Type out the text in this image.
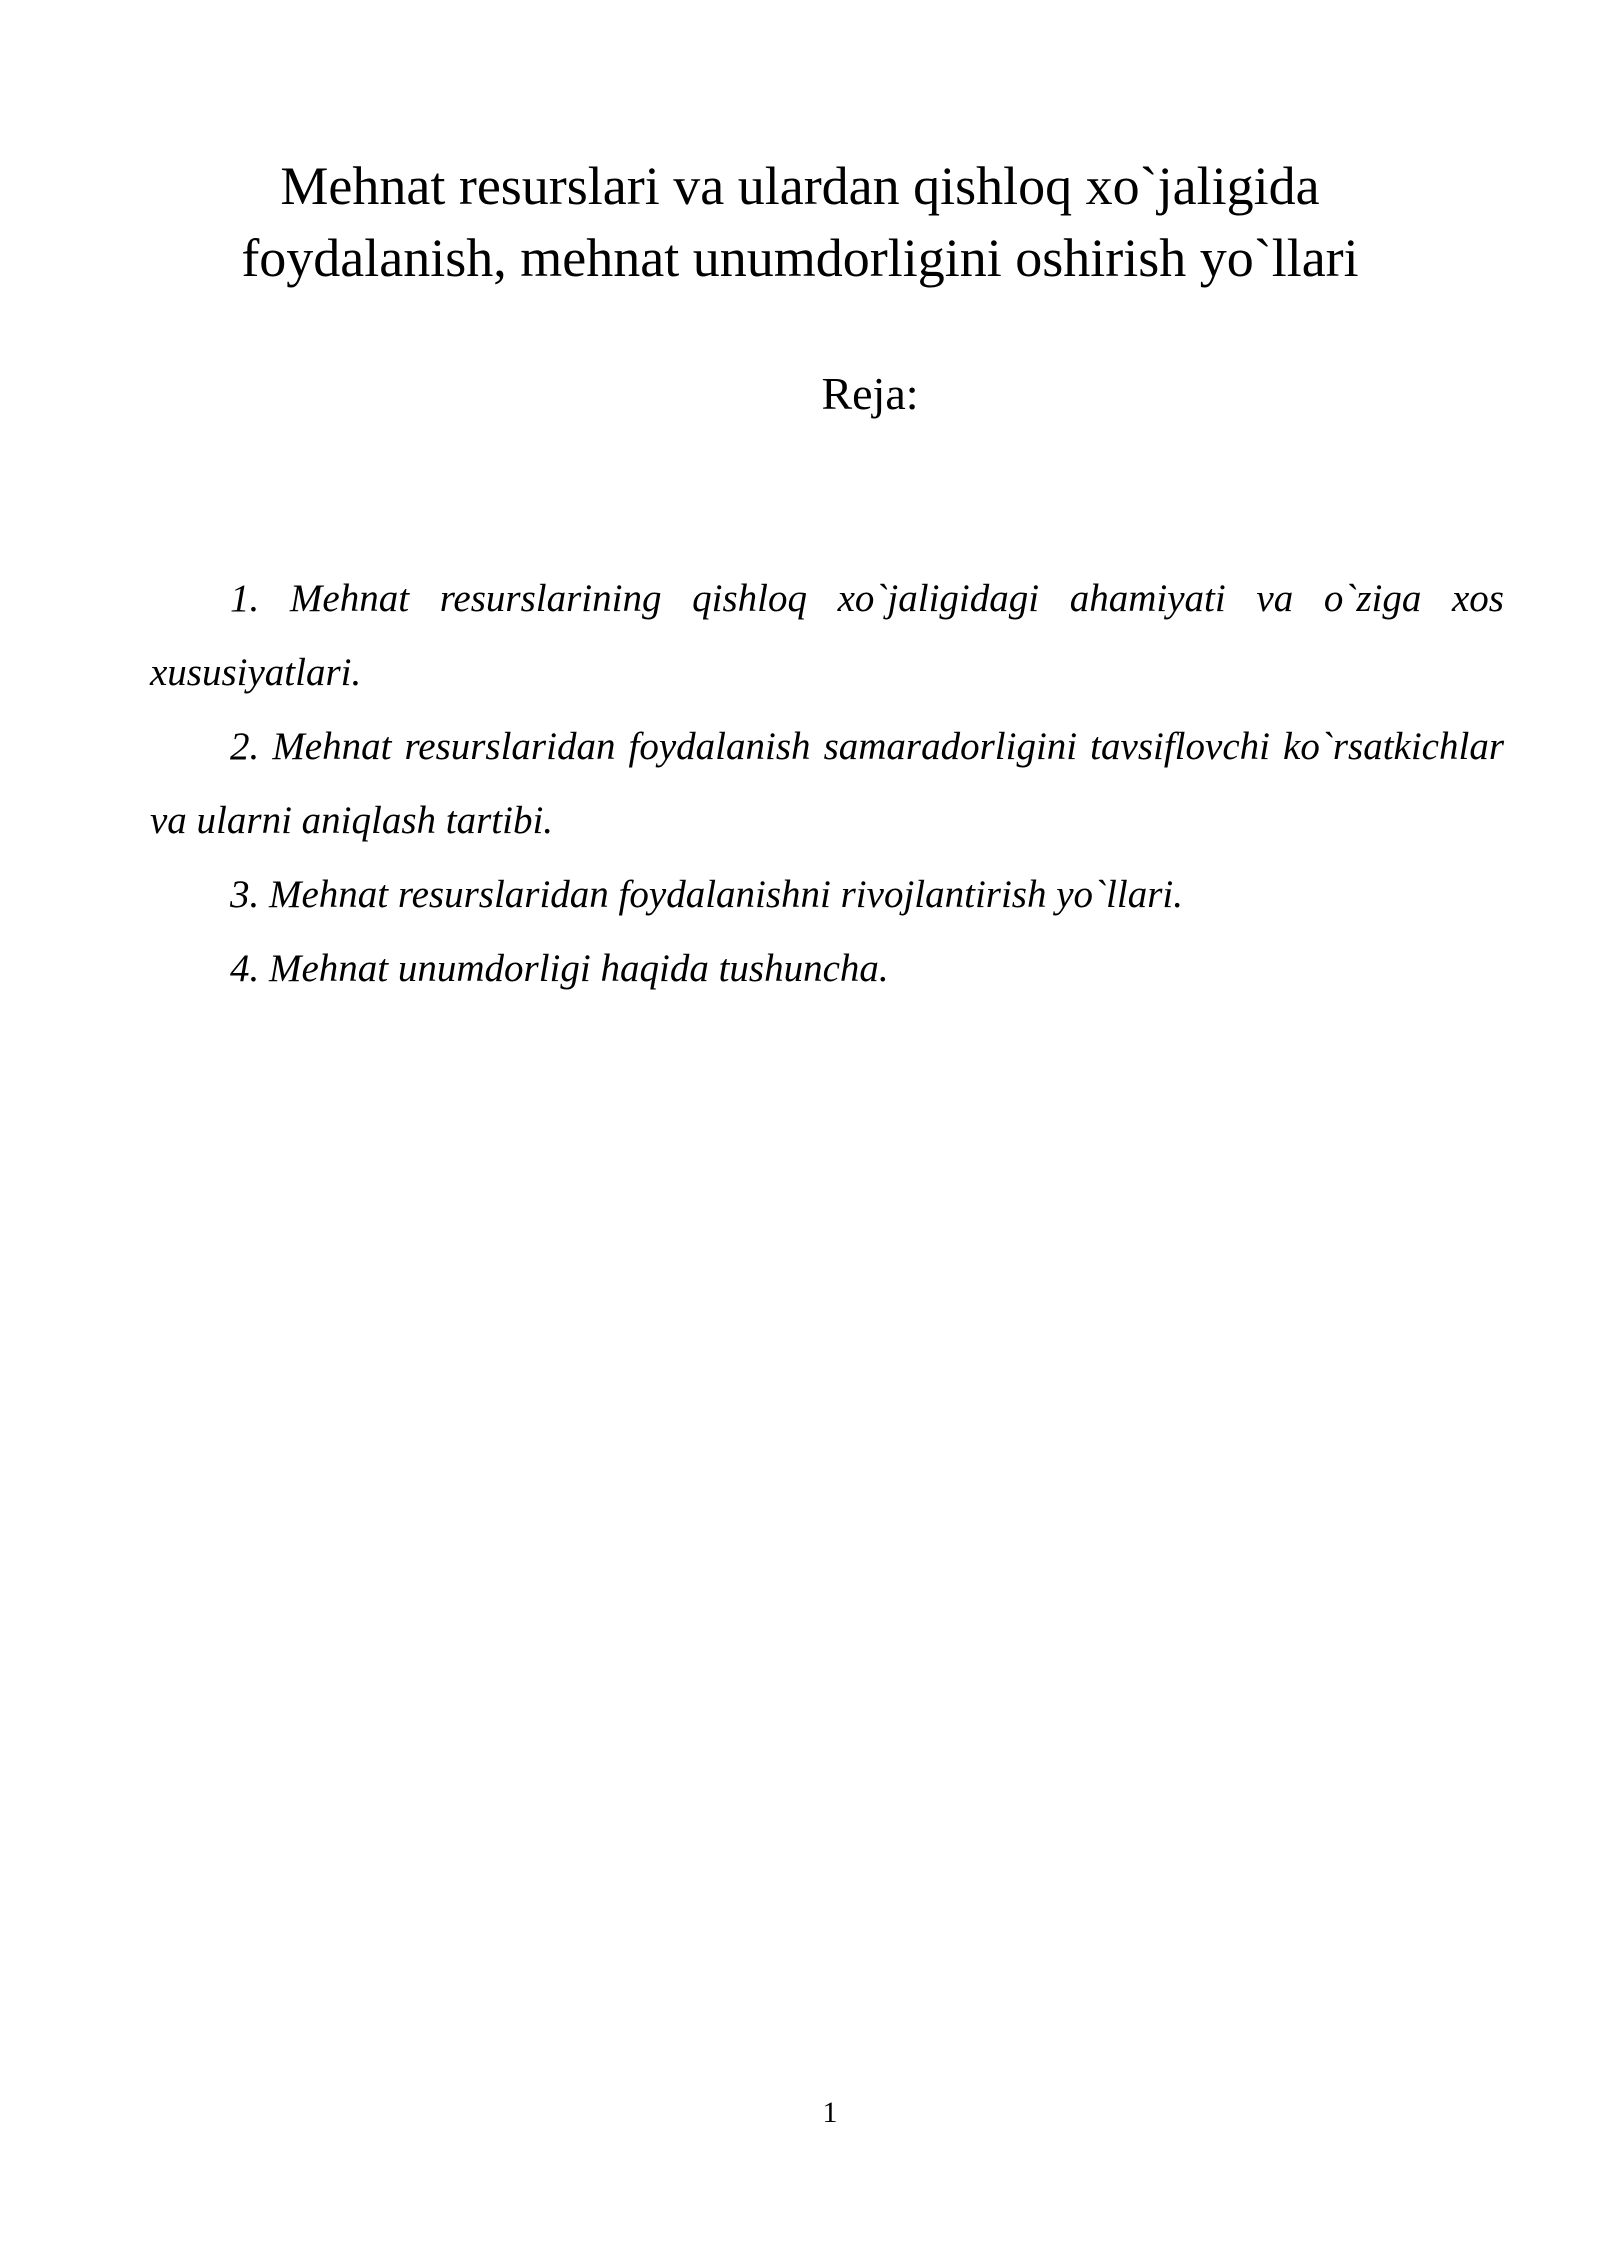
Mehnat resurslari va ulardan qishloq xo`jaligida
foydalanish, mehnat unumdorligini oshirish yo`llari
Reja:
1. Mehnat resurslarining qishloq xo`jaligidagi ahamiyati va o`ziga xos xususiyatlari.
2. Mehnat resurslaridan foydalanish samaradorligini tavsiflovchi ko`rsatkichlar va ularni aniqlash tartibi.
3. Mehnat resurslaridan foydalanishni rivojlantirish yo`llari.
4. Mehnat unumdorligi haqida tushuncha.
1
